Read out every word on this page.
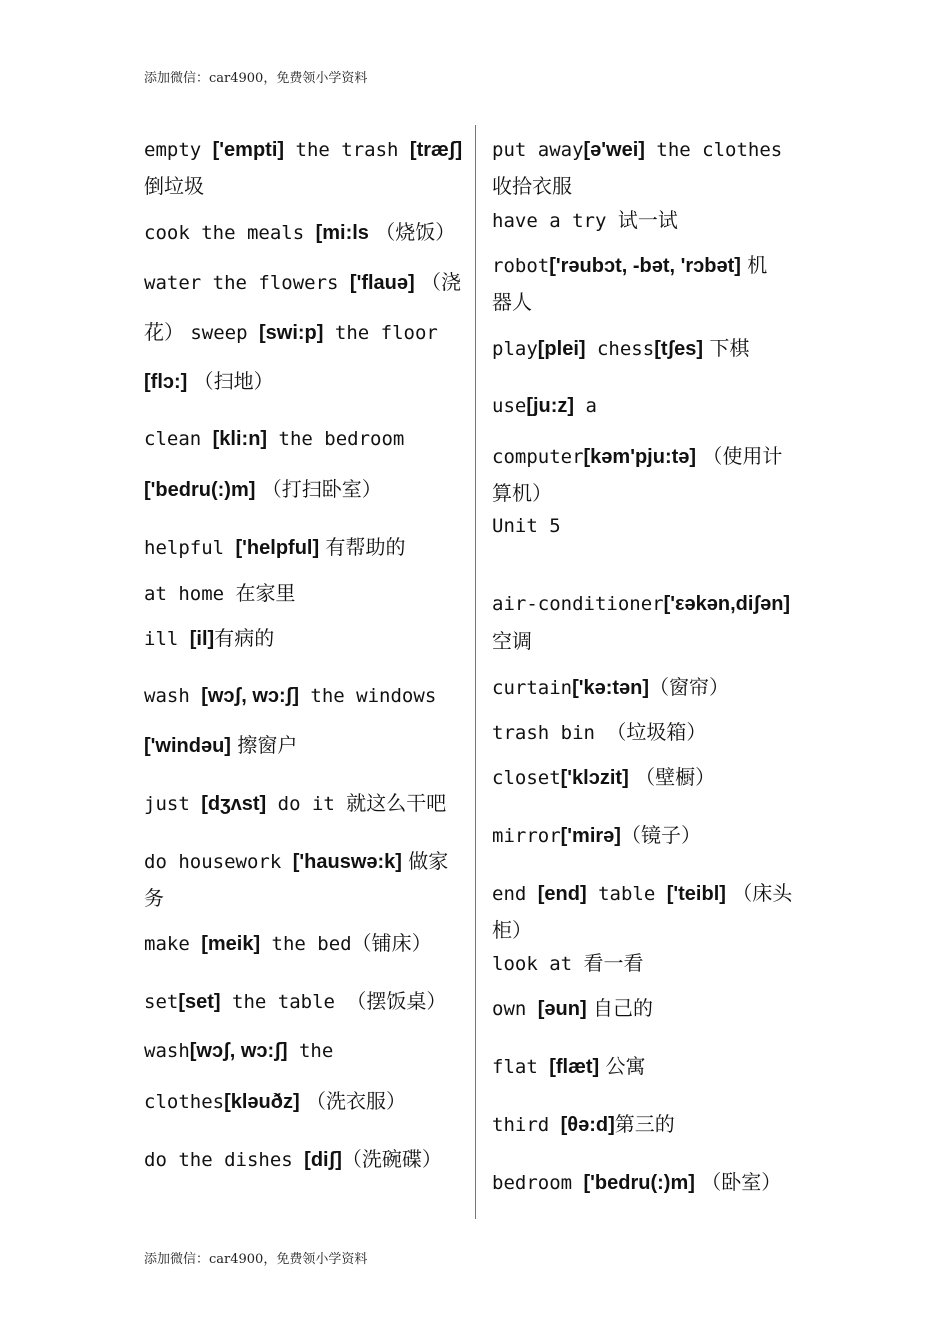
添加微信：car4900，免费领小学资料
empty ['empti] the trash [træʃ]
倒垃圾
cook the meals [mi:ls （烧饭）
water the flowers ['flauə] （浇
花） sweep [swi:p] the floor
[flɔ:] （扫地）
clean [kli:n] the bedroom
['bedru(:)m] （打扫卧室）
helpful ['helpful] 有帮助的
at home 在家里
ill [il]有病的
wash [wɔʃ, wɔ:ʃ] the windows
['windəu] 擦窗户
just [dʒʌst] do it 就这么干吧
do housework ['hauswə:k] 做家
务
make [meik] the bed（铺床）
set[set] the table （摆饭桌）
wash[wɔʃ, wɔ:ʃ] the
clothes[kləuðz] （洗衣服）
do the dishes [diʃ]（洗碗碟）
put away[ə'wei] the clothes
收拾衣服
have a try 试一试
robot['rəubɔt, -bət, 'rɔbət] 机
器人
play[plei] chess[tʃes] 下棋
use[ju:z] a
computer[kəm'pju:tə] （使用计
算机）
Unit 5
air-conditioner['εəkən,diʃən]
空调
curtain['kə:tən]（窗帘）
trash bin （垃圾箱）
closet['klɔzit] （壁橱）
mirror['mirə]（镜子）
end [end] table ['teibl] （床头
柜）
look at 看一看
own [əun] 自己的
flat [flæt] 公寓
third [θə:d]第三的
bedroom ['bedru(:)m] （卧室）
添加微信：car4900，免费领小学资料
